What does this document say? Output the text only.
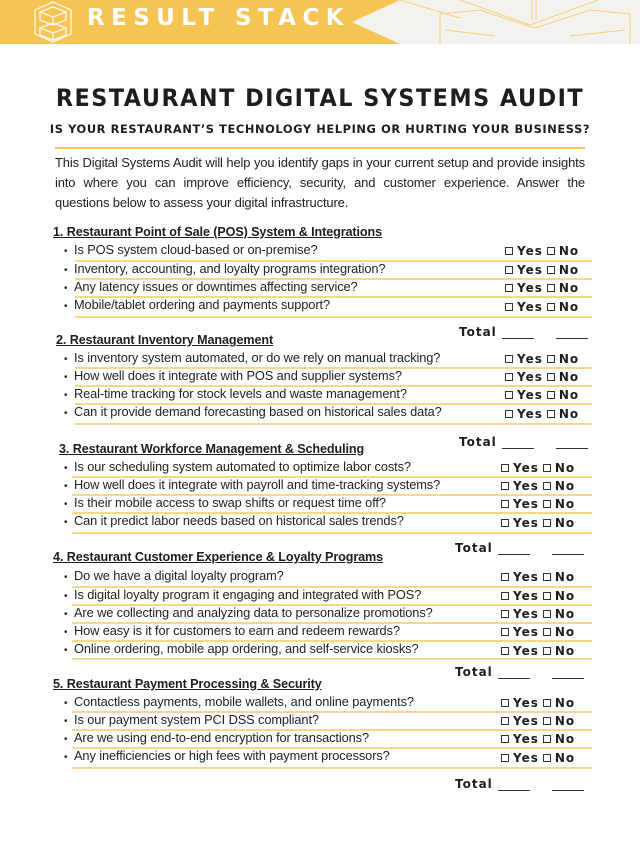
RESULT STACK
RESTAURANT DIGITAL SYSTEMS AUDIT
IS YOUR RESTAURANT’S TECHNOLOGY HELPING OR HURTING YOUR BUSINESS?
This Digital Systems Audit will help you identify gaps in your current setup and provide insights into where you can improve efficiency, security, and customer experience. Answer the questions below to assess your digital infrastructure.
1. Restaurant Point of Sale (POS) System & Integrations
• Is POS system cloud-based or on-premise?	Yes No
• Inventory, accounting, and loyalty programs integration?	Yes No
• Any latency issues or downtimes affecting service?	Yes No
• Mobile/tablet ordering and payments support?	Yes No
Total
2. Restaurant Inventory Management
• Is inventory system automated, or do we rely on manual tracking?	Yes No
• How well does it integrate with POS and supplier systems?	Yes No
• Real-time tracking for stock levels and waste management?	Yes No
• Can it provide demand forecasting based on historical sales data?	Yes No
Total
3. Restaurant Workforce Management & Scheduling
• Is our scheduling system automated to optimize labor costs?	Yes No
• How well does it integrate with payroll and time-tracking systems?	Yes No
• Is their mobile access to swap shifts or request time off?	Yes No
• Can it predict labor needs based on historical sales trends?	Yes No
Total
4. Restaurant Customer Experience & Loyalty Programs
• Do we have a digital loyalty program?	Yes No
• Is digital loyalty program it engaging and integrated with POS?	Yes No
• Are we collecting and analyzing data to personalize promotions?	Yes No
• How easy is it for customers to earn and redeem rewards?	Yes No
• Online ordering, mobile app ordering, and self-service kiosks?	Yes No
Total
5. Restaurant Payment Processing & Security
• Contactless payments, mobile wallets, and online payments?	Yes No
• Is our payment system PCI DSS compliant?	Yes No
• Are we using end-to-end encryption for transactions?	Yes No
• Any inefficiencies or high fees with payment processors?	Yes No
Total
